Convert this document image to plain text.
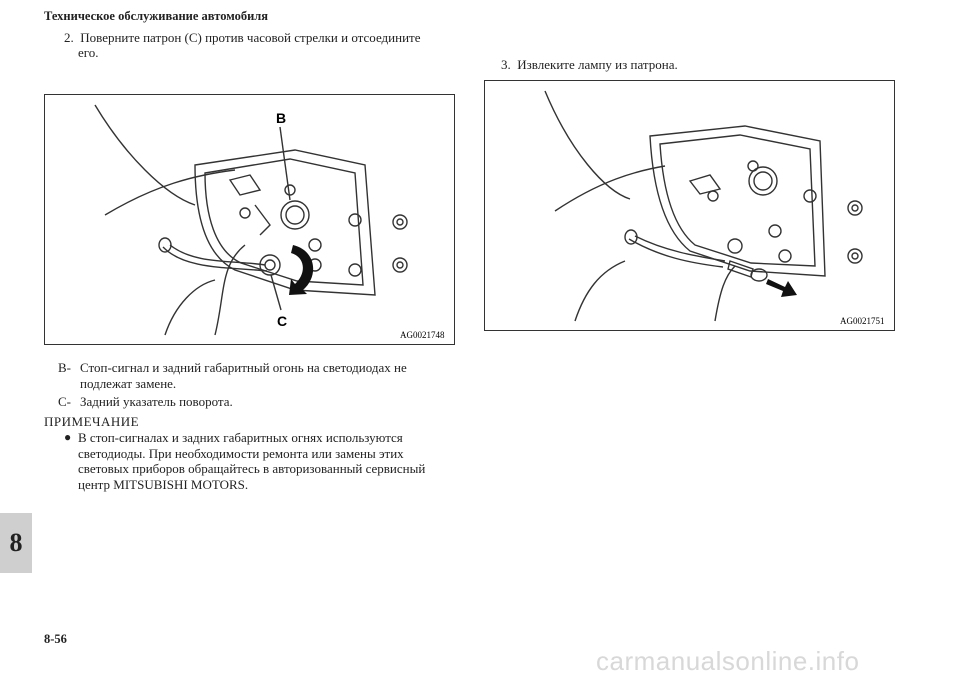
Техническое обслуживание автомобиля
2. Поверните патрон (C) против часовой стрелки и отсоедините
его.
3. Извлеките лампу из патрона.
B
C
AG0021748
AG0021751
B- Стоп-сигнал и задний габаритный огонь на светодиодах не
подлежат замене.
C- Задний указатель поворота.
ПРИМЕЧАНИЕ
● В стоп-сигналах и задних габаритных огнях используются
светодиоды. При необходимости ремонта или замены этих
световых приборов обращайтесь в авторизованный сервисный
центр MITSUBISHI MOTORS.
8
8-56
carmanualsonline.info
